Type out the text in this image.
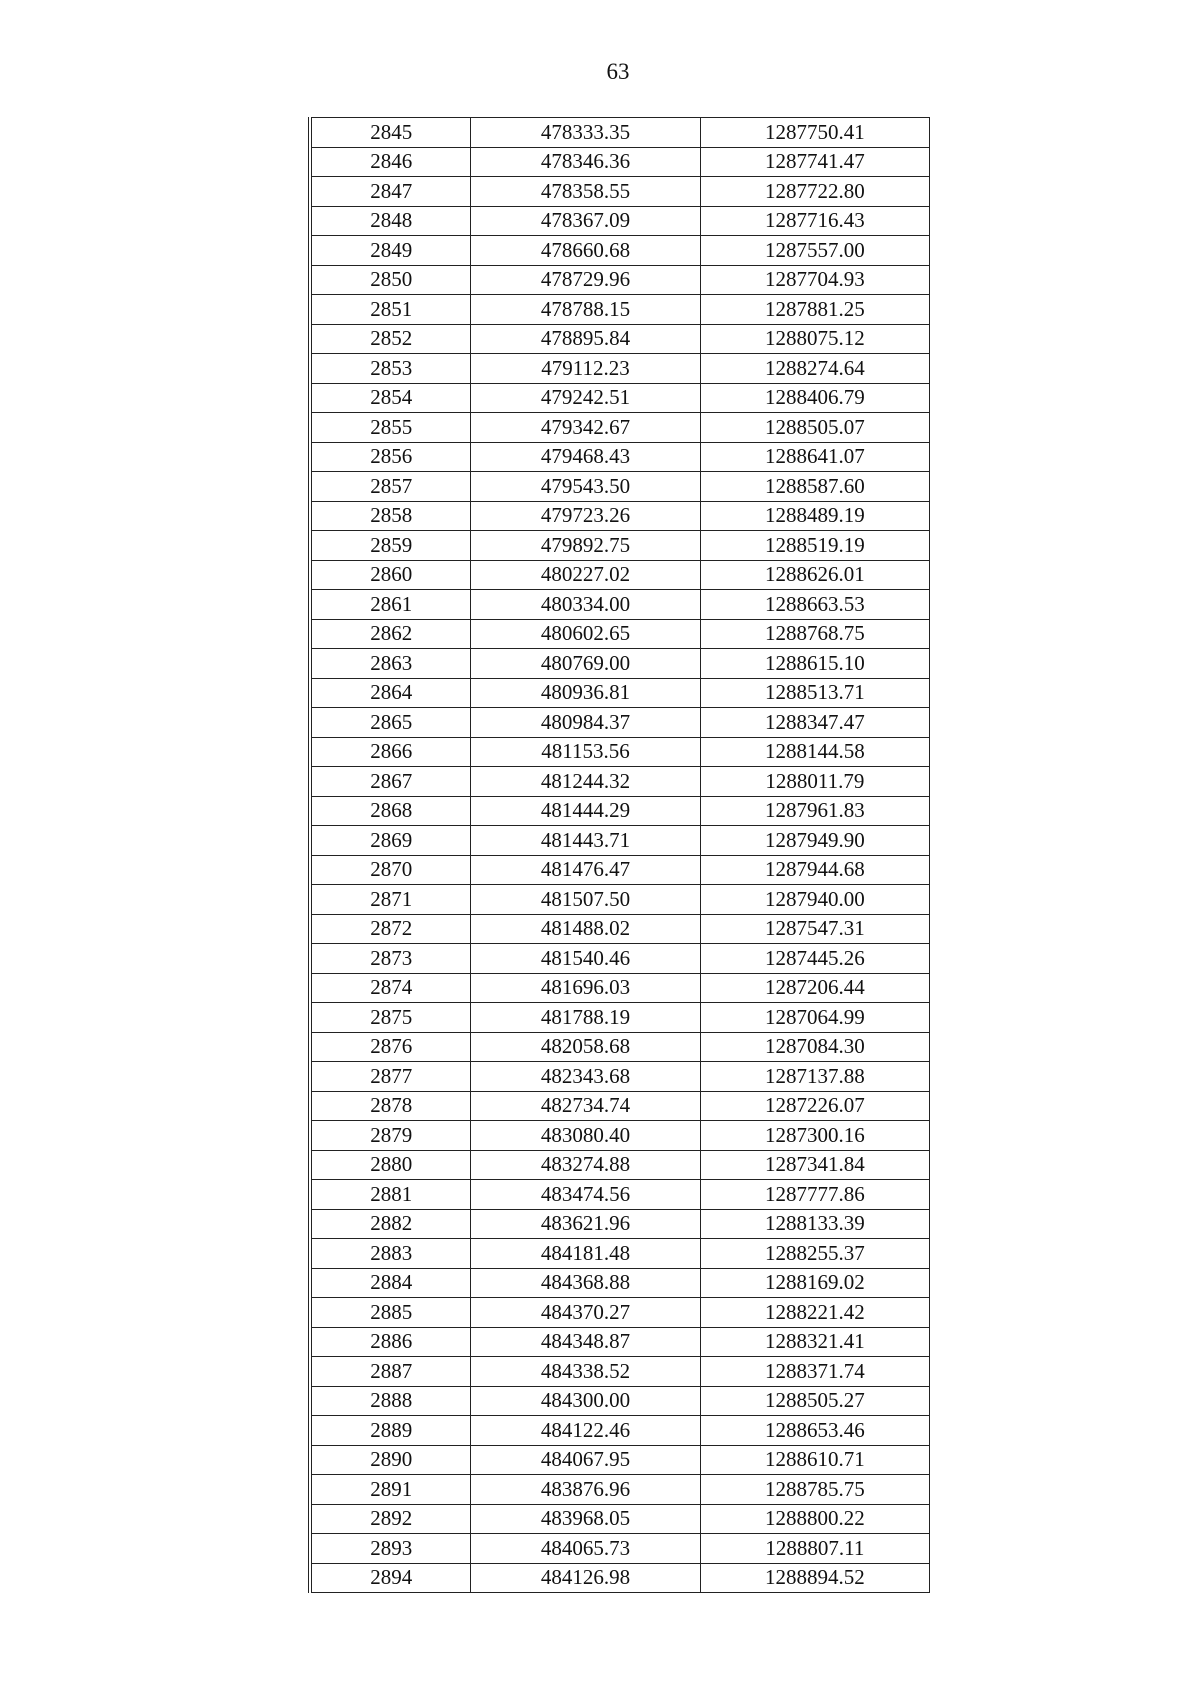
63
2845	478333.35	1287750.41
2846	478346.36	1287741.47
2847	478358.55	1287722.80
2848	478367.09	1287716.43
2849	478660.68	1287557.00
2850	478729.96	1287704.93
2851	478788.15	1287881.25
2852	478895.84	1288075.12
2853	479112.23	1288274.64
2854	479242.51	1288406.79
2855	479342.67	1288505.07
2856	479468.43	1288641.07
2857	479543.50	1288587.60
2858	479723.26	1288489.19
2859	479892.75	1288519.19
2860	480227.02	1288626.01
2861	480334.00	1288663.53
2862	480602.65	1288768.75
2863	480769.00	1288615.10
2864	480936.81	1288513.71
2865	480984.37	1288347.47
2866	481153.56	1288144.58
2867	481244.32	1288011.79
2868	481444.29	1287961.83
2869	481443.71	1287949.90
2870	481476.47	1287944.68
2871	481507.50	1287940.00
2872	481488.02	1287547.31
2873	481540.46	1287445.26
2874	481696.03	1287206.44
2875	481788.19	1287064.99
2876	482058.68	1287084.30
2877	482343.68	1287137.88
2878	482734.74	1287226.07
2879	483080.40	1287300.16
2880	483274.88	1287341.84
2881	483474.56	1287777.86
2882	483621.96	1288133.39
2883	484181.48	1288255.37
2884	484368.88	1288169.02
2885	484370.27	1288221.42
2886	484348.87	1288321.41
2887	484338.52	1288371.74
2888	484300.00	1288505.27
2889	484122.46	1288653.46
2890	484067.95	1288610.71
2891	483876.96	1288785.75
2892	483968.05	1288800.22
2893	484065.73	1288807.11
2894	484126.98	1288894.52
